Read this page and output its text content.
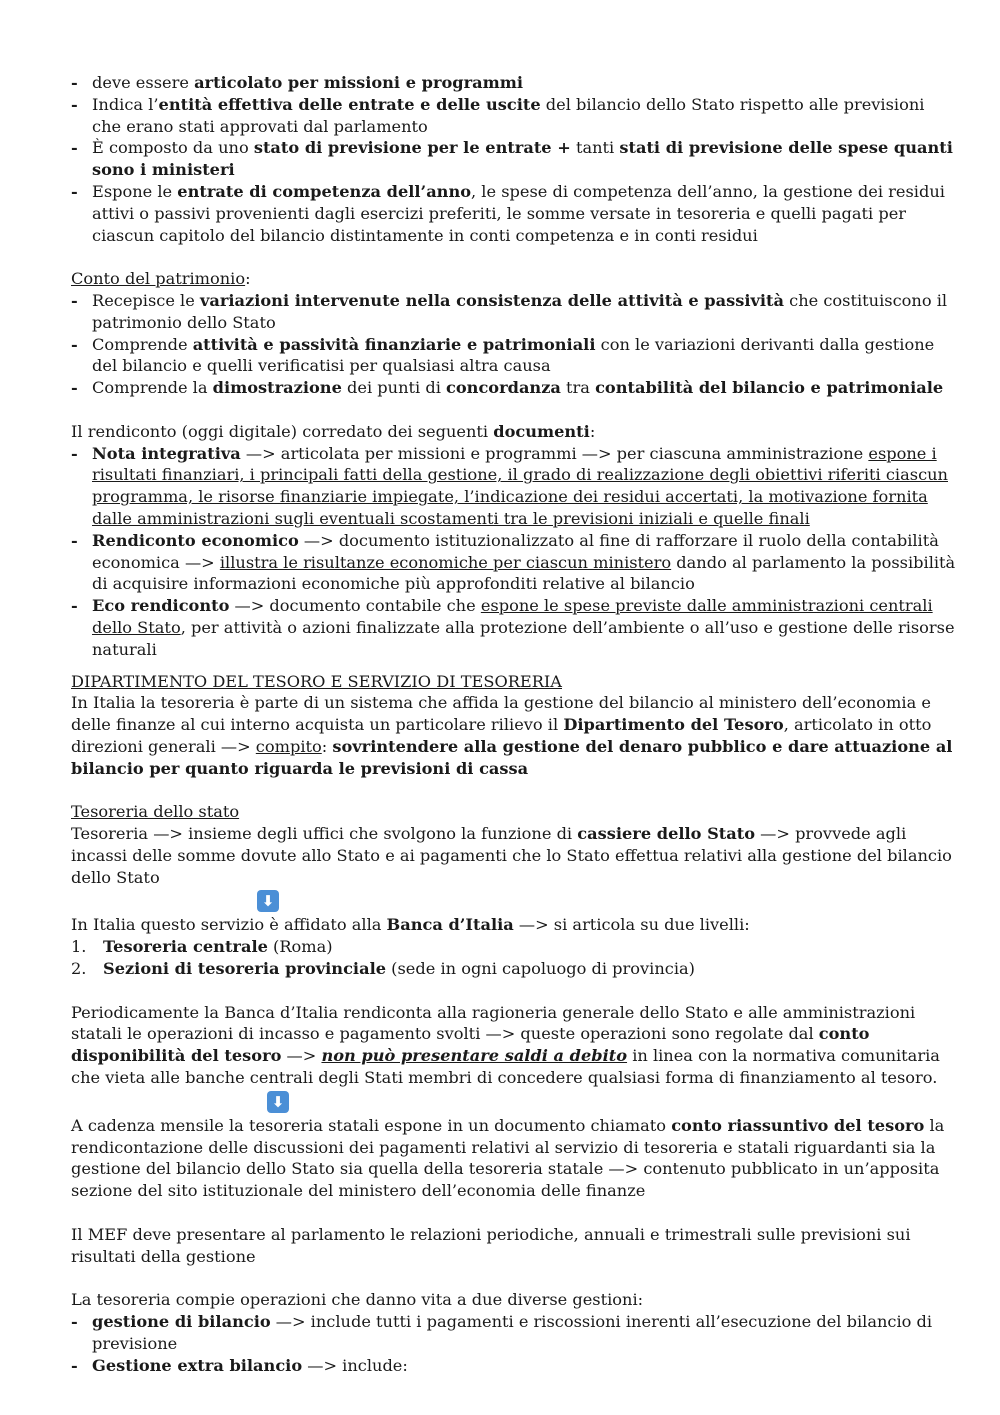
- deve essere articolato per missioni e programmi
- Indica l’entità effettiva delle entrate e delle uscite del bilancio dello Stato rispetto alle previsioni che erano stati approvati dal parlamento
- È composto da uno stato di previsione per le entrate + tanti stati di previsione delle spese quanti sono i ministeri
- Espone le entrate di competenza dell’anno, le spese di competenza dell’anno, la gestione dei residui attivi o passivi provenienti dagli esercizi preferiti, le somme versate in tesoreria e quelli pagati per ciascun capitolo del bilancio distintamente in conti competenza e in conti residui

Conto del patrimonio:

- Recepisce le variazioni intervenute nella consistenza delle attività e passività che costituiscono il patrimonio dello Stato
- Comprende attività e passività finanziarie e patrimoniali con le variazioni derivanti dalla gestione del bilancio e quelli verificatisi per qualsiasi altra causa
- Comprende la dimostrazione dei punti di concordanza tra contabilità del bilancio e patrimoniale

Il rendiconto (oggi digitale) corredato dei seguenti documenti:

- Nota integrativa —> articolata per missioni e programmi —> per ciascuna amministrazione espone i risultati finanziari, i principali fatti della gestione, il grado di realizzazione degli obiettivi riferiti ciascun programma, le risorse finanziarie impiegate, l’indicazione dei residui accertati, la motivazione fornita dalle amministrazioni sugli eventuali scostamenti tra le previsioni iniziali e quelle finali
- Rendiconto economico —> documento istituzionalizzato al fine di rafforzare il ruolo della contabilità economica —> illustra le risultanze economiche per ciascun ministero dando al parlamento la possibilità di acquisire informazioni economiche più approfonditi relative al bilancio
- Eco rendiconto —> documento contabile che espone le spese previste dalle amministrazioni centrali dello Stato, per attività o azioni finalizzate alla protezione dell’ambiente o all’uso e gestione delle risorse naturali

DIPARTIMENTO DEL TESORO E SERVIZIO DI TESORERIA

In Italia la tesoreria è parte di un sistema che affida la gestione del bilancio al ministero dell’economia e delle finanze al cui interno acquista un particolare rilievo il Dipartimento del Tesoro, articolato in otto direzioni generali —> compito: sovrintendere alla gestione del denaro pubblico e dare attuazione al bilancio per quanto riguarda le previsioni di cassa

Tesoreria dello stato

Tesoreria —> insieme degli uffici che svolgono la funzione di cassiere dello Stato —> provvede agli incassi delle somme dovute allo Stato e ai pagamenti che lo Stato effettua relativi alla gestione del bilancio dello Stato

⬇

In Italia questo servizio è affidato alla Banca d’Italia —> si articola su due livelli:

1. Tesoreria centrale (Roma)
2. Sezioni di tesoreria provinciale (sede in ogni capoluogo di provincia)

Periodicamente la Banca d’Italia rendiconta alla ragioneria generale dello Stato e alle amministrazioni statali le operazioni di incasso e pagamento svolti —> queste operazioni sono regolate dal conto disponibilità del tesoro —> non può presentare saldi a debito in linea con la normativa comunitaria che vieta alle banche centrali degli Stati membri di concedere qualsiasi forma di finanziamento al tesoro.

⬇

A cadenza mensile la tesoreria statali espone in un documento chiamato conto riassuntivo del tesoro la rendicontazione delle discussioni dei pagamenti relativi al servizio di tesoreria e statali riguardanti sia la gestione del bilancio dello Stato sia quella della tesoreria statale —> contenuto pubblicato in un’apposita sezione del sito istituzionale del ministero dell’economia delle finanze

Il MEF deve presentare al parlamento le relazioni periodiche, annuali e trimestrali sulle previsioni sui risultati della gestione

La tesoreria compie operazioni che danno vita a due diverse gestioni:

- gestione di bilancio —> include tutti i pagamenti e riscossioni inerenti all’esecuzione del bilancio di previsione
- Gestione extra bilancio —> include:
